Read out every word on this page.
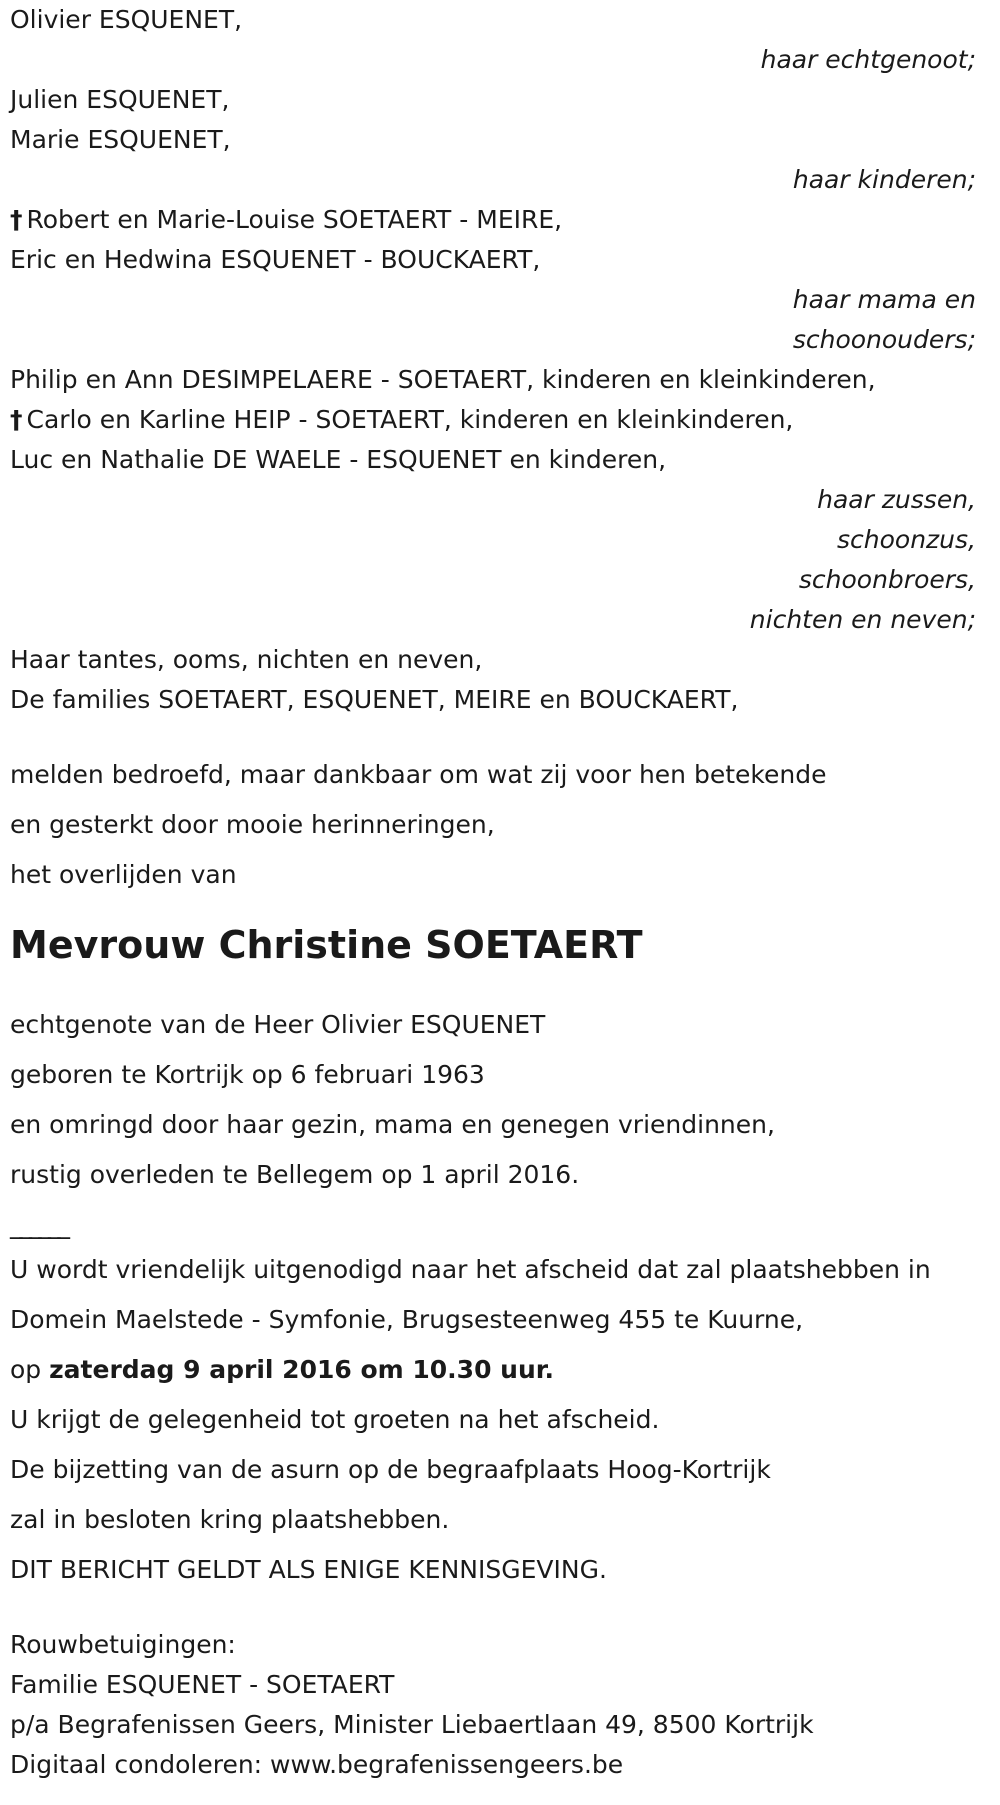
Olivier ESQUENET,
haar echtgenoot;
Julien ESQUENET,
Marie ESQUENET,
haar kinderen;
† Robert en Marie-Louise SOETAERT - MEIRE,
Eric en Hedwina ESQUENET - BOUCKAERT,
haar mama en
schoonouders;
Philip en Ann DESIMPELAERE - SOETAERT, kinderen en kleinkinderen,
† Carlo en Karline HEIP - SOETAERT, kinderen en kleinkinderen,
Luc en Nathalie DE WAELE - ESQUENET en kinderen,
haar zussen,
schoonzus,
schoonbroers,
nichten en neven;
Haar tantes, ooms, nichten en neven,
De families SOETAERT, ESQUENET, MEIRE en BOUCKAERT,
melden bedroefd, maar dankbaar om wat zij voor hen betekende
en gesterkt door mooie herinneringen,
het overlijden van
Mevrouw Christine SOETAERT
echtgenote van de Heer Olivier ESQUENET
geboren te Kortrijk op 6 februari 1963
en omringd door haar gezin, mama en genegen vriendinnen,
rustig overleden te Bellegem op 1 april 2016.
______
U wordt vriendelijk uitgenodigd naar het afscheid dat zal plaatshebben in
Domein Maelstede - Symfonie, Brugsesteenweg 455 te Kuurne,
op zaterdag 9 april 2016 om 10.30 uur.
U krijgt de gelegenheid tot groeten na het afscheid.
De bijzetting van de asurn op de begraafplaats Hoog-Kortrijk
zal in besloten kring plaatshebben.
DIT BERICHT GELDT ALS ENIGE KENNISGEVING.
Rouwbetuigingen:
Familie ESQUENET - SOETAERT
p/a Begrafenissen Geers, Minister Liebaertlaan 49, 8500 Kortrijk
Digitaal condoleren: www.begrafenissengeers.be
